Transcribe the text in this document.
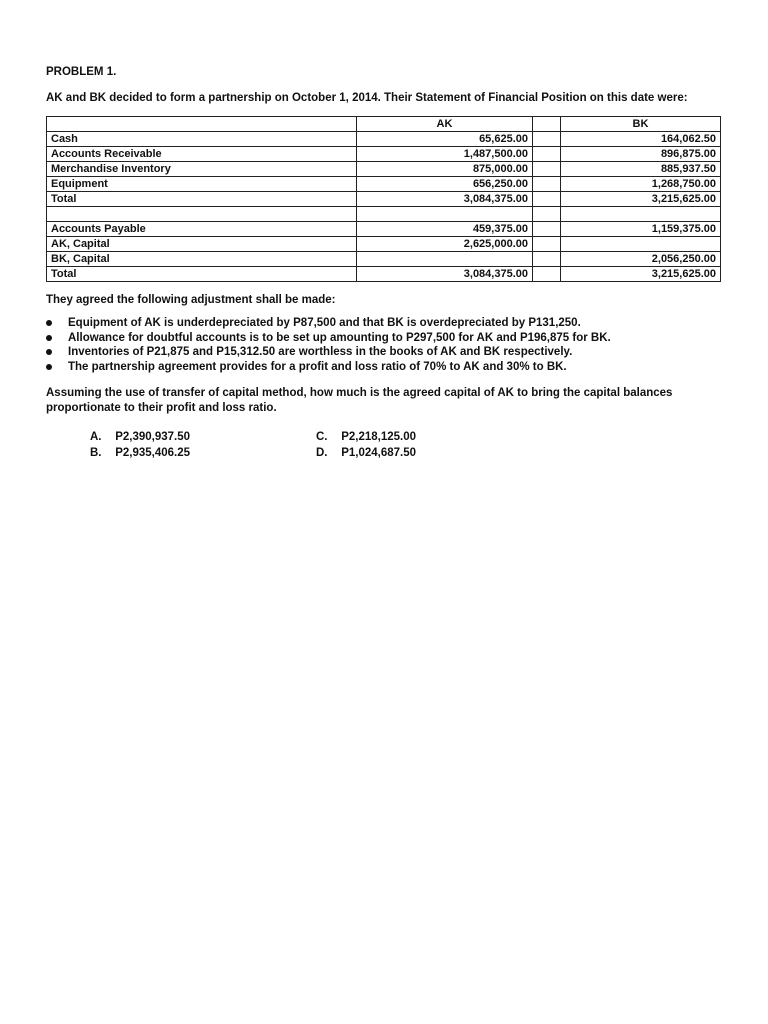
PROBLEM 1.

AK and BK decided to form a partnership on October 1, 2014. Their Statement of Financial Position on this date were:

	AK		BK
Cash	65,625.00		164,062.50
Accounts Receivable	1,487,500.00		896,875.00
Merchandise Inventory	875,000.00		885,937.50
Equipment	656,250.00		1,268,750.00
Total	3,084,375.00		3,215,625.00

Accounts Payable	459,375.00		1,159,375.00
AK, Capital	2,625,000.00		
BK, Capital			2,056,250.00
Total	3,084,375.00		3,215,625.00

They agreed the following adjustment shall be made:

Equipment of AK is underdepreciated by P87,500 and that BK is overdepreciated by P131,250.
Allowance for doubtful accounts is to be set up amounting to P297,500 for AK and P196,875 for BK.
Inventories of P21,875 and P15,312.50 are worthless in the books of AK and BK respectively.
The partnership agreement provides for a profit and loss ratio of 70% to AK and 30% to BK.

Assuming the use of transfer of capital method, how much is the agreed capital of AK to bring the capital balances proportionate to their profit and loss ratio.

A. P2,390,937.50	C. P2,218,125.00
B. P2,935,406.25	D. P1,024,687.50
